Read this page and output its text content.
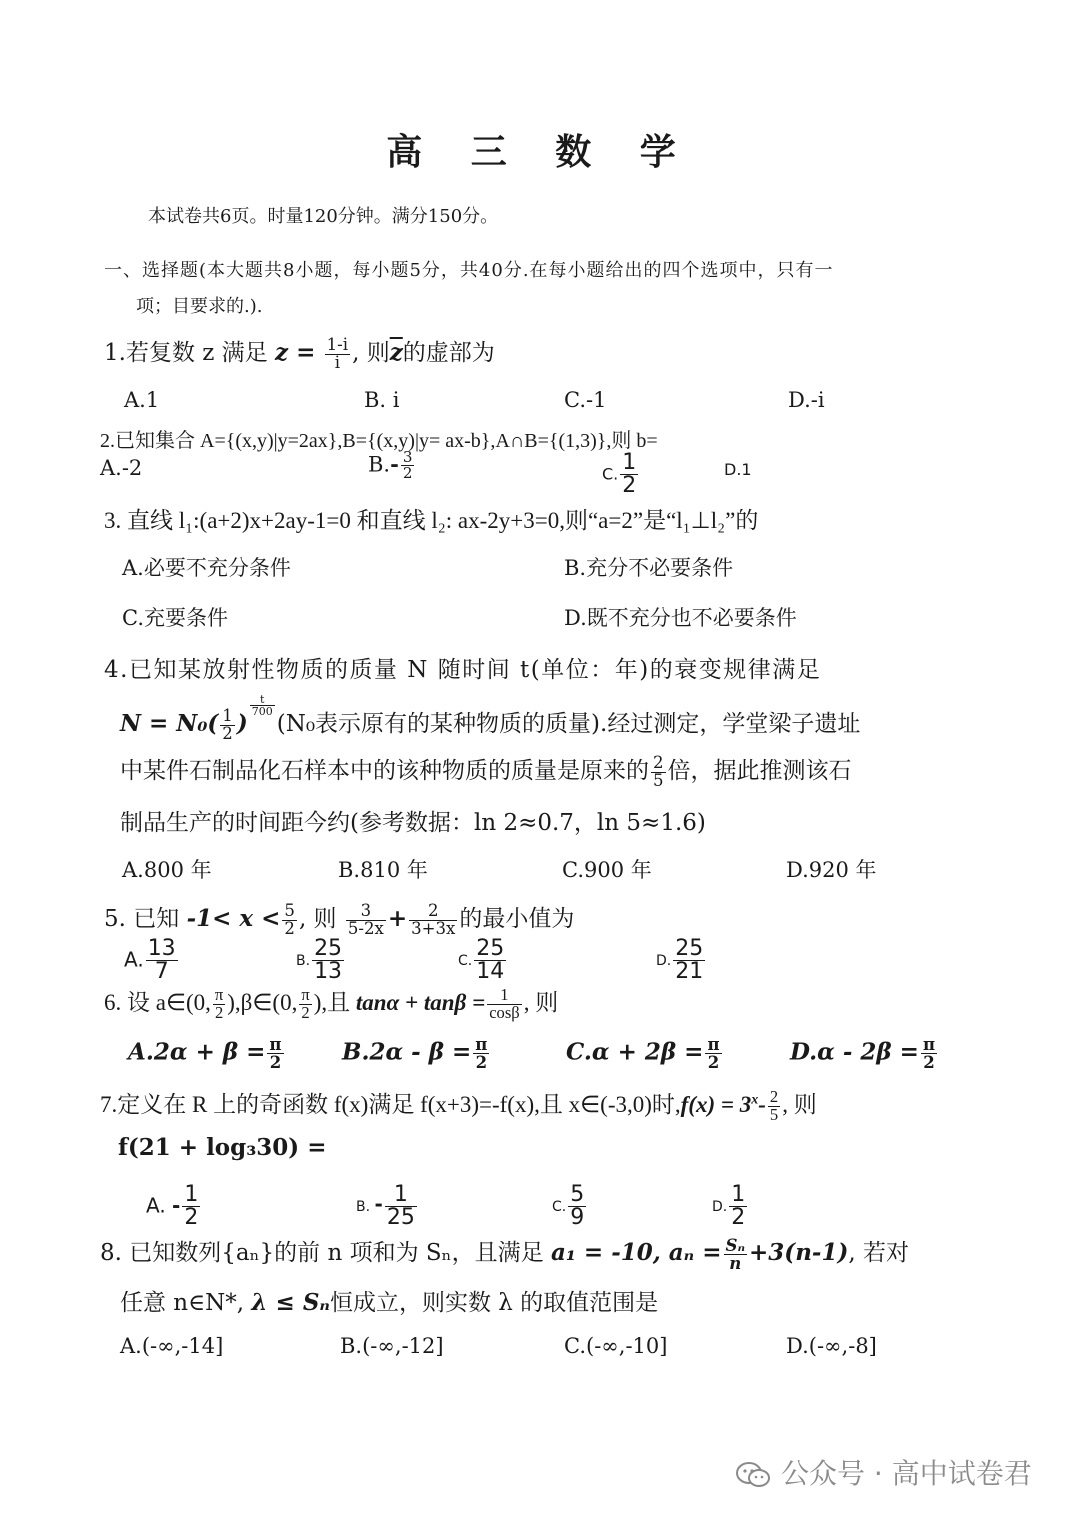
高 三 数 学
本试卷共6页。时量120分钟。满分150分。
一、选择题(本大题共8小题，每小题5分，共40分.在每小题给出的四个选项中，只有一
项；目要求的.).
1.若复数 z 满足 $z = \frac{1-i}{i}$ , 则$\overline{z}$的虚部为
A.1	B. i	C.-1	D.-i
2.已知集合 A={(x,y)|y=2ax},B={(x,y)|y= ax-b},A∩B={(1,3)},则 b=
A.-2	$B.- \frac{3}{2}$	C. $\frac{1}{2}$	D.1
3. 直线 l₁:(a+2)x+2ay-1=0 和直线 l₂: ax-2y+3=0,则“a=2”是“l₁⊥l₂”的
A.必要不充分条件	B.充分不必要条件
C.充要条件	D.既不充分也不必要条件
4.已知某放射性物质的质量 N 随时间 t(单位：年)的衰变规律满足
$N = N_0( \frac{1}{2}$ )
$^{\frac{t}{700}}$
(N₀表示原有的某种物质的质量).经过测定，学堂梁子遗址
中某件石制品化石样本中的该种物质的质量是原来的 $\frac{2}{5}$ 倍，据此推测该石
制品生产的时间距今约(参考数据：ln 2≈0.7，ln 5≈1.6)
A.800 年	B.810 年	C.900 年	D.920 年
5. 已知 $-1< x < \frac{5}{2}$ , 则 $\frac{3}{5-2x} + \frac{2}{3+3x}$ 的最小值为
A. $\frac{13}{7}$	B. $\frac{25}{13}$	C. $\frac{25}{14}$	D. $\frac{25}{21}$
6. 设 a∈(0, $\frac{\pi}{2}$ ),β∈(0, $\frac{\pi}{2}$ ),且 $\tan\alpha + \tan\beta = \frac{1}{\cos\beta}$ , 则
$A.2\alpha + \beta = \frac{\pi}{2}$	$B.2\alpha - \beta = \frac{\pi}{2}$	$C.\alpha + 2\beta = \frac{\pi}{2}$	$D.\alpha - 2\beta = \frac{\pi}{2}$
7.定义在 R 上的奇函数 f(x)满足 f(x+3)=-f(x),且 x∈(-3,0)时$,f(x) = 3^x- \frac{2}{5}$ , 则
f(21 + log₃30) =
A. - $\frac{1}{2}$	B. - $\frac{1}{25}$	C. $\frac{5}{9}$	D. $\frac{1}{2}$
8. 已知数列{aₙ}的前 n 项和为 Sₙ，且满足 a₁ = -10, $a_n = \frac{\text{Sₙ}}{n} +3(n-1)$, 若对
任意 n∈N*, λ ≤ Sₙ恒成立，则实数 λ 的取值范围是
A.(-∞,-14]	B.(-∞,-12]	C.(-∞,-10]	D.(-∞,-8]
公众号 · 高中试卷君
